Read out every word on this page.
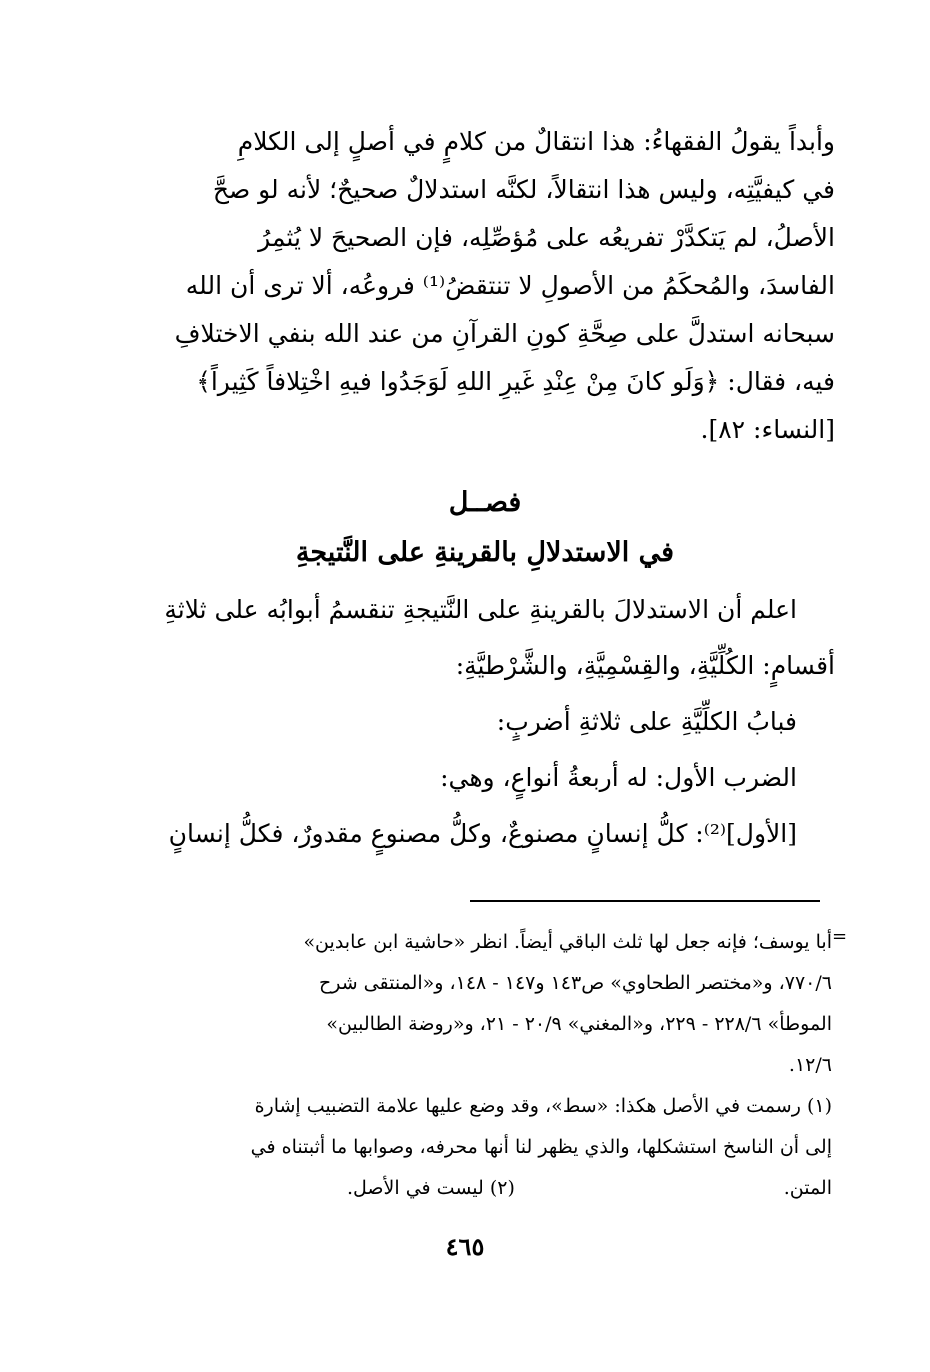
وأبداً يقولُ الفقهاءُ: هذا انتقالٌ من كلامٍ في أصلٍ إلى الكلامِ
في كيفيَّتِه، وليس هذا انتقالاً، لكنَّه استدلالٌ صحيحٌ؛ لأنه لو صحَّ
الأصلُ، لم يَتكدَّرْ تفريعُه على مُؤصِّلِه، فإن الصحيحَ لا يُثمِرُ
الفاسدَ، والمُحكَمُ من الأصولِ لا تنتقضُ⁽¹⁾ فروعُه، ألا ترى أن الله
سبحانه استدلَّ على صِحَّةِ كونِ القرآنِ من عند الله بنفي الاختلافِ
فيه، فقال: ﴿وَلَو كانَ مِنْ عِنْدِ غَيرِ اللهِ لَوَجَدُوا فيهِ اخْتِلافاً كَثِيراً﴾
[النساء: ٨٢].
فصــل
في الاستدلالِ بالقرينةِ على النَّتيجةِ
اعلم أن الاستدلالَ بالقرينةِ على النَّتيجةِ تنقسمُ أبوابُه على ثلاثةِ
أقسامٍ: الكُلِّيَّةِ، والقِسْمِيَّةِ، والشَّرْطيَّةِ:
فبابُ الكلِّيَّةِ على ثلاثةِ أضربٍ:
الضرب الأول: له أربعةُ أنواعٍ، وهي:
[الأول]⁽²⁾: كلُّ إنسانٍ مصنوعٌ، وكلُّ مصنوعٍ مقدورٌ، فكلُّ إنسانٍ
=
أبا يوسف؛ فإنه جعل لها ثلث الباقي أيضاً. انظر «حاشية ابن عابدين»
٧٧٠/٦، و«مختصر الطحاوي» ص١٤٣ و١٤٧ - ١٤٨، و«المنتقى شرح
الموطأ» ٢٢٨/٦ - ٢٢٩، و«المغني» ٢٠/٩ - ٢١، و«روضة الطالبين»
١٢/٦.
(١) رسمت في الأصل هكذا: «سط»، وقد وضع عليها علامة التضبيب إشارة
إلى أن الناسخ استشكلها، والذي يظهر لنا أنها محرفه، وصوابها ما أثبتناه في
المتن.
(٢) ليست في الأصل.
٤٦٥
